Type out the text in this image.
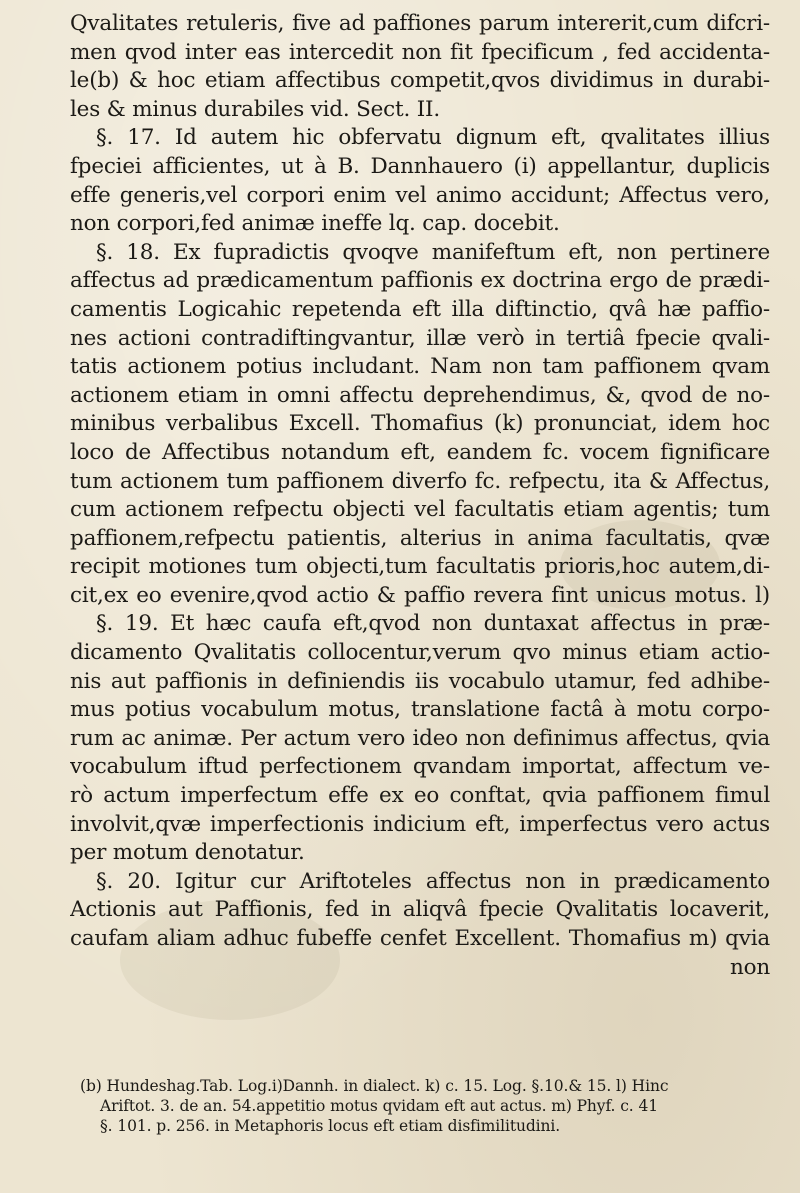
Qvalitates retuleris, five ad paffiones parum intererit,cum difcri-
men qvod inter eas intercedit non fit fpecificum , fed accidenta-
le(b) & hoc etiam affectibus competit,qvos dividimus in durabi-
les & minus durabiles vid. Sect. II.
§. 17. Id autem hic obfervatu dignum eft, qvalitates illius
fpeciei afficientes, ut à B. Dannhauero (i) appellantur, duplicis
effe generis,vel corpori enim vel animo accidunt; Affectus vero,
non corpori,fed animæ ineffe lq. cap. docebit.
§. 18. Ex fupradictis qvoqve manifeftum eft, non pertinere
affectus ad prædicamentum paffionis ex doctrina ergo de prædi-
camentis Logicahic repetenda eft illa diftinctio, qvâ hæ paffio-
nes actioni contradiftingvantur, illæ verò in tertiâ fpecie qvali-
tatis actionem potius includant. Nam non tam paffionem qvam
actionem etiam in omni affectu deprehendimus, &, qvod de no-
minibus verbalibus Excell. Thomafius (k) pronunciat, idem hoc
loco de Affectibus notandum eft, eandem fc. vocem fignificare
tum actionem tum paffionem diverfo fc. refpectu, ita & Affectus,
cum actionem refpectu objecti vel facultatis etiam agentis; tum
paffionem,refpectu patientis, alterius in anima facultatis, qvæ
recipit motiones tum objecti,tum facultatis prioris,hoc autem,di-
cit,ex eo evenire,qvod actio & paffio revera fint unicus motus. l)
§. 19. Et hæc caufa eft,qvod non duntaxat affectus in præ-
dicamento Qvalitatis collocentur,verum qvo minus etiam actio-
nis aut paffionis in definiendis iis vocabulo utamur, fed adhibe-
mus potius vocabulum motus, translatione factâ à motu corpo-
rum ac animæ. Per actum vero ideo non definimus affectus, qvia
vocabulum iftud perfectionem qvandam importat, affectum ve-
rò actum imperfectum effe ex eo conftat, qvia paffionem fimul
involvit,qvæ imperfectionis indicium eft, imperfectus vero actus
per motum denotatur.
§. 20. Igitur cur Ariftoteles affectus non in prædicamento
Actionis aut Paffionis, fed in aliqvâ fpecie Qvalitatis locaverit,
caufam aliam adhuc fubeffe cenfet Excellent. Thomafius m) qvia
non
(b) Hundeshag.Tab. Log.i)Dannh. in dialect. k) c. 15. Log. §.10.& 15. l) Hinc
Ariftot. 3. de an. 54.appetitio motus qvidam eft aut actus. m) Phyf. c. 41
§. 101. p. 256. in Metaphoris locus eft etiam disfimilitudini.
